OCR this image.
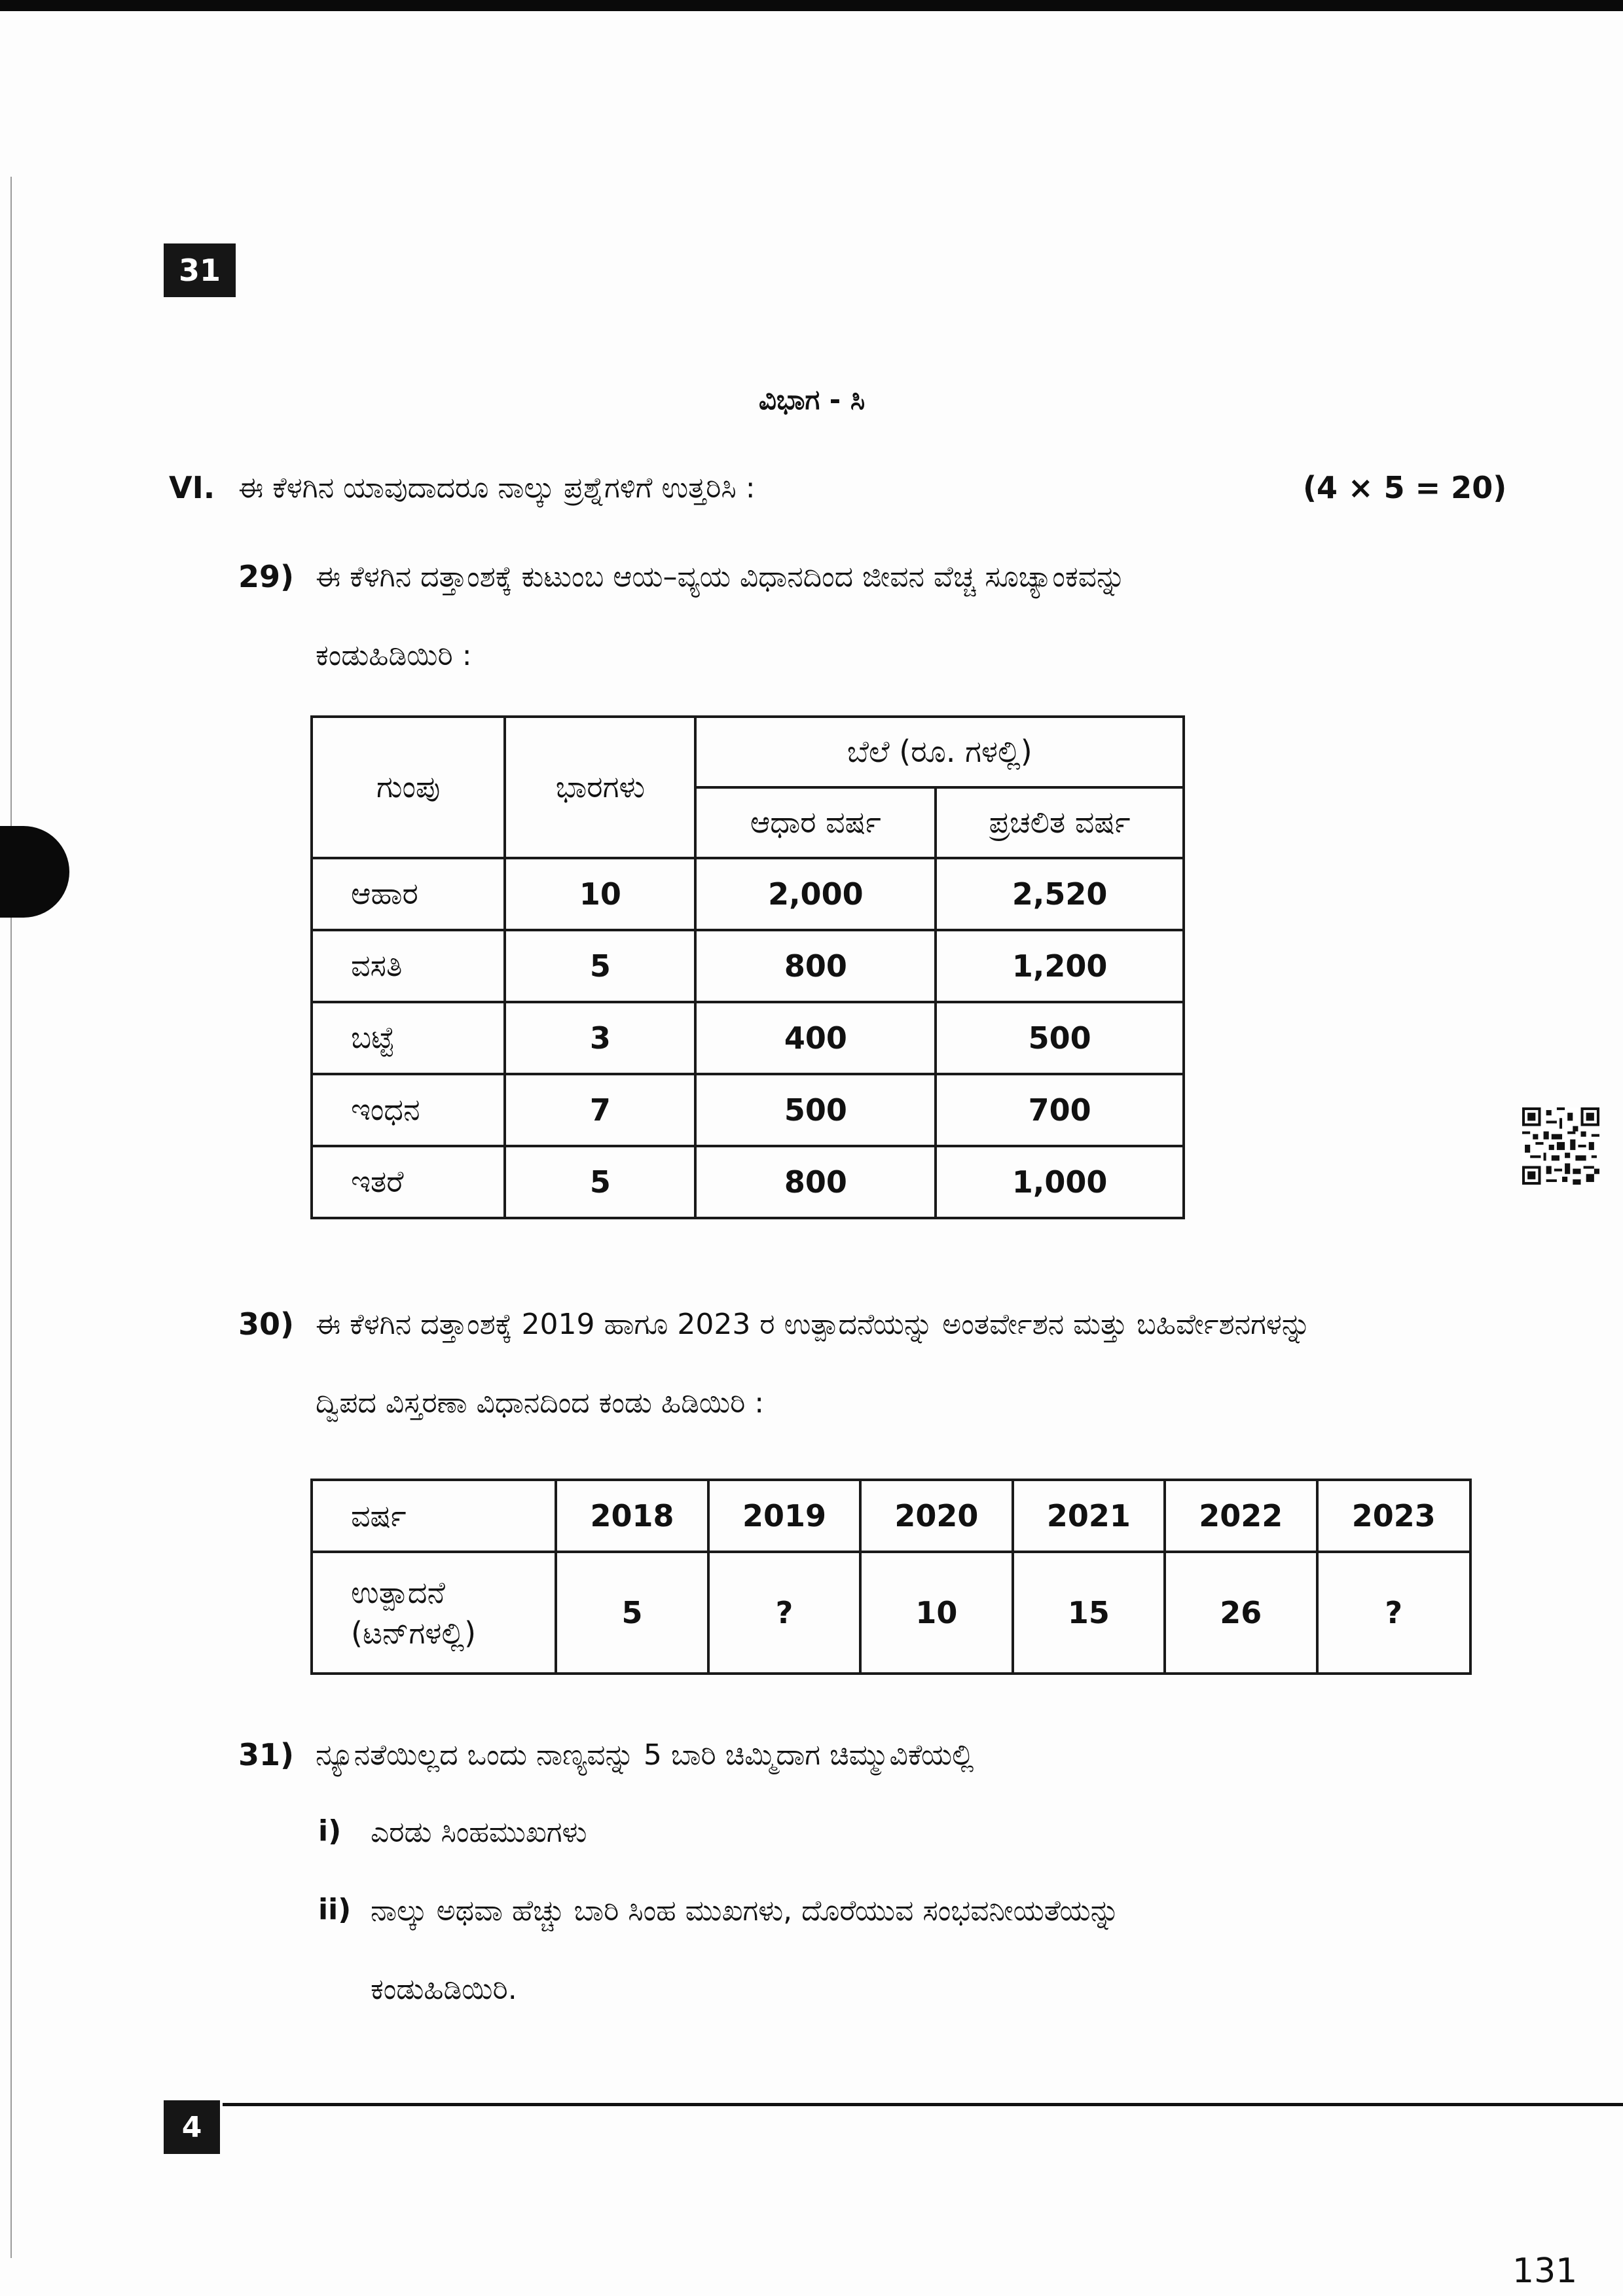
31
ವಿಭಾಗ - ಸಿ
VI. ಈ ಕೆಳಗಿನ ಯಾವುದಾದರೂ ನಾಲ್ಕು ಪ್ರಶ್ನೆಗಳಿಗೆ ಉತ್ತರಿಸಿ :	(4 × 5 = 20)
29) ಈ ಕೆಳಗಿನ ದತ್ತಾಂಶಕ್ಕೆ ಕುಟುಂಬ ಆಯ–ವ್ಯಯ ವಿಧಾನದಿಂದ ಜೀವನ ವೆಚ್ಚ ಸೂಚ್ಯಾಂಕವನ್ನು
ಕಂಡುಹಿಡಿಯಿರಿ :
ಗುಂಪು	ಭಾರಗಳು	ಬೆಲೆ (ರೂ. ಗಳಲ್ಲಿ)	
		ಆಧಾರ ವರ್ಷ	ಪ್ರಚಲಿತ ವರ್ಷ
ಆಹಾರ	10	2,000	2,520
ವಸತಿ	5	800	1,200
ಬಟ್ಟೆ	3	400	500
ಇಂಧನ	7	500	700
ಇತರೆ	5	800	1,000
30) ಈ ಕೆಳಗಿನ ದತ್ತಾಂಶಕ್ಕೆ 2019 ಹಾಗೂ 2023 ರ ಉತ್ಪಾದನೆಯನ್ನು ಅಂತರ್ವೇಶನ ಮತ್ತು ಬಹಿರ್ವೇಶನಗಳನ್ನು
ದ್ವಿಪದ ವಿಸ್ತರಣಾ ವಿಧಾನದಿಂದ ಕಂಡು ಹಿಡಿಯಿರಿ :
ವರ್ಷ	2018	2019	2020	2021	2022	2023

ಉತ್ಪಾದನೆ
(ಟನ್‌ಗಳಲ್ಲಿ)	5	?	10	15	26	?
31) ನ್ಯೂನತೆಯಿಲ್ಲದ ಒಂದು ನಾಣ್ಯವನ್ನು 5 ಬಾರಿ ಚಿಮ್ಮಿದಾಗ ಚಿಮ್ಮುವಿಕೆಯಲ್ಲಿ
i) ಎರಡು ಸಿಂಹಮುಖಗಳು
ii) ನಾಲ್ಕು ಅಥವಾ ಹೆಚ್ಚು ಬಾರಿ ಸಿಂಹ ಮುಖಗಳು, ದೊರೆಯುವ ಸಂಭವನೀಯತೆಯನ್ನು
ಕಂಡುಹಿಡಿಯಿರಿ.
4
131
